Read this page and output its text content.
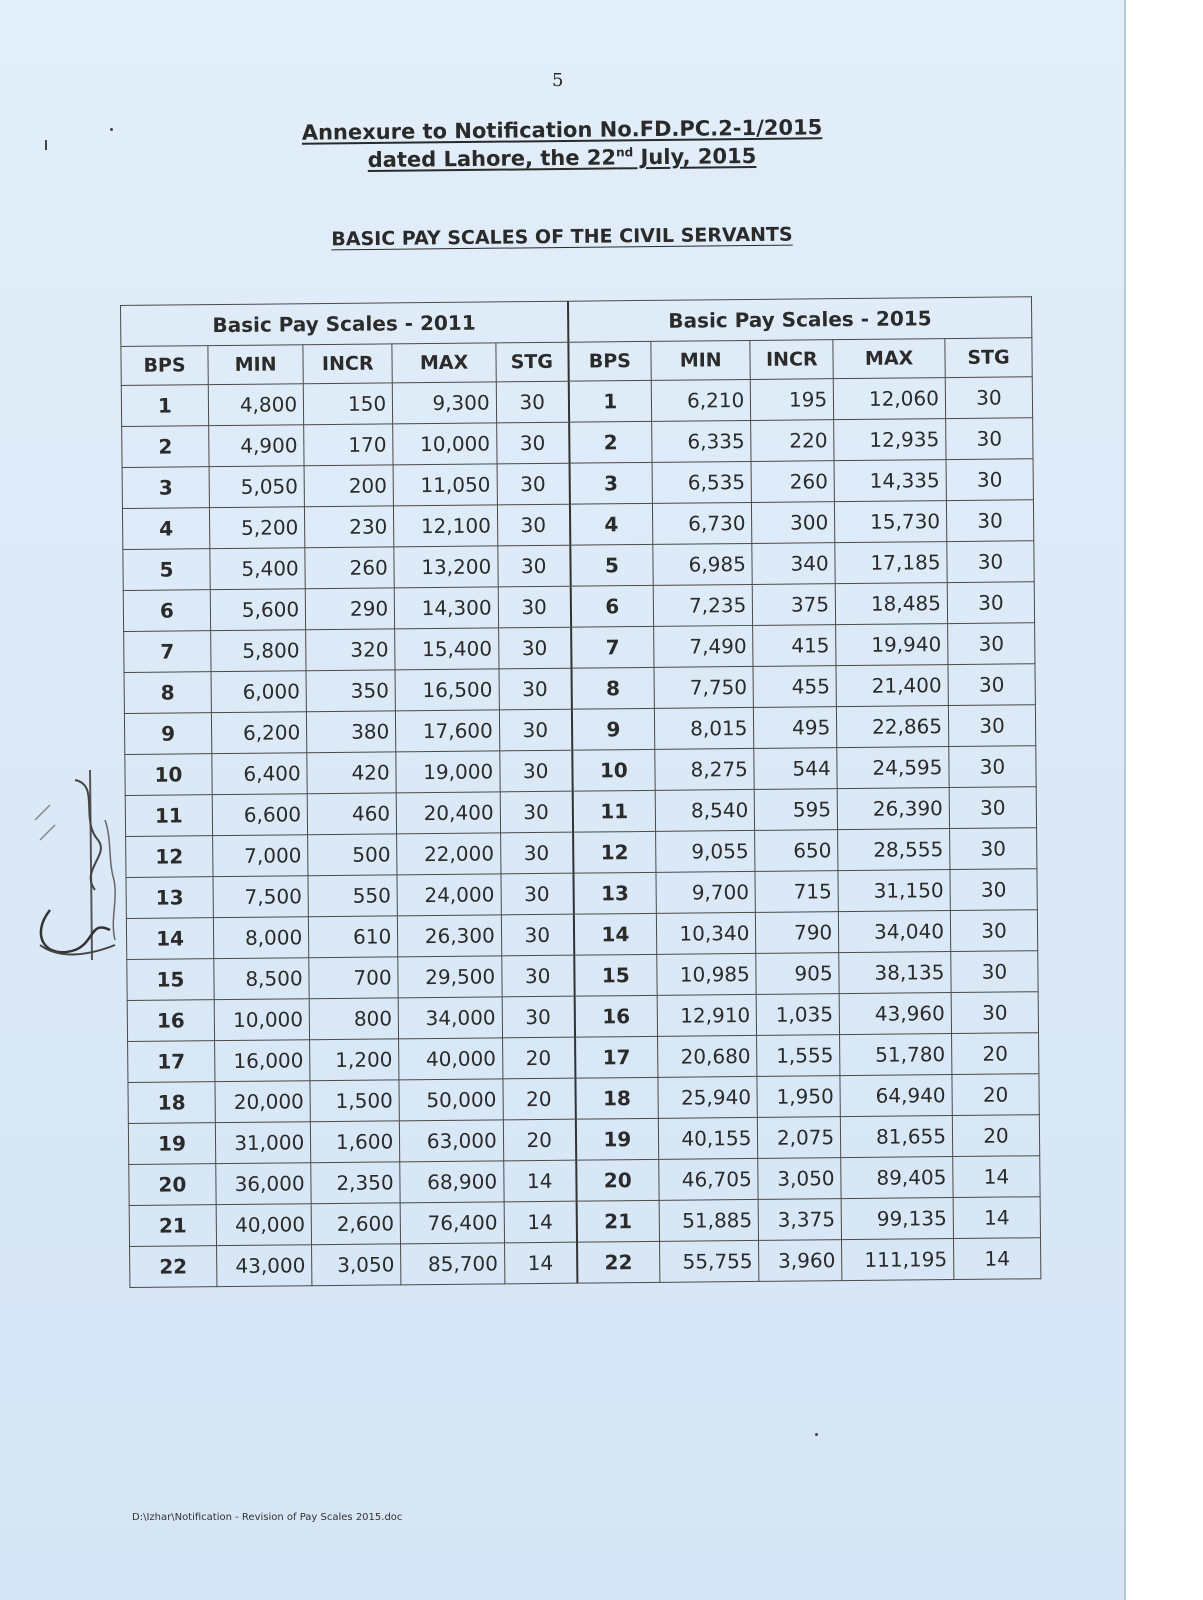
5
Annexure to Notification No.FD.PC.2-1/2015
dated Lahore, the 22nd July, 2015
BASIC PAY SCALES OF THE CIVIL SERVANTS
Basic Pay Scales - 2011					Basic Pay Scales - 2015				
BPS	MIN	INCR	MAX	STG	BPS	MIN	INCR	MAX	STG
1	4,800	150	9,300	30	1	6,210	195	12,060	30
2	4,900	170	10,000	30	2	6,335	220	12,935	30
3	5,050	200	11,050	30	3	6,535	260	14,335	30
4	5,200	230	12,100	30	4	6,730	300	15,730	30
5	5,400	260	13,200	30	5	6,985	340	17,185	30
6	5,600	290	14,300	30	6	7,235	375	18,485	30
7	5,800	320	15,400	30	7	7,490	415	19,940	30
8	6,000	350	16,500	30	8	7,750	455	21,400	30
9	6,200	380	17,600	30	9	8,015	495	22,865	30
10	6,400	420	19,000	30	10	8,275	544	24,595	30
11	6,600	460	20,400	30	11	8,540	595	26,390	30
12	7,000	500	22,000	30	12	9,055	650	28,555	30
13	7,500	550	24,000	30	13	9,700	715	31,150	30
14	8,000	610	26,300	30	14	10,340	790	34,040	30
15	8,500	700	29,500	30	15	10,985	905	38,135	30
16	10,000	800	34,000	30	16	12,910	1,035	43,960	30
17	16,000	1,200	40,000	20	17	20,680	1,555	51,780	20
18	20,000	1,500	50,000	20	18	25,940	1,950	64,940	20
19	31,000	1,600	63,000	20	19	40,155	2,075	81,655	20
20	36,000	2,350	68,900	14	20	46,705	3,050	89,405	14
21	40,000	2,600	76,400	14	21	51,885	3,375	99,135	14
22	43,000	3,050	85,700	14	22	55,755	3,960	111,195	14
D:\Izhar\Notification - Revision of Pay Scales 2015.doc
